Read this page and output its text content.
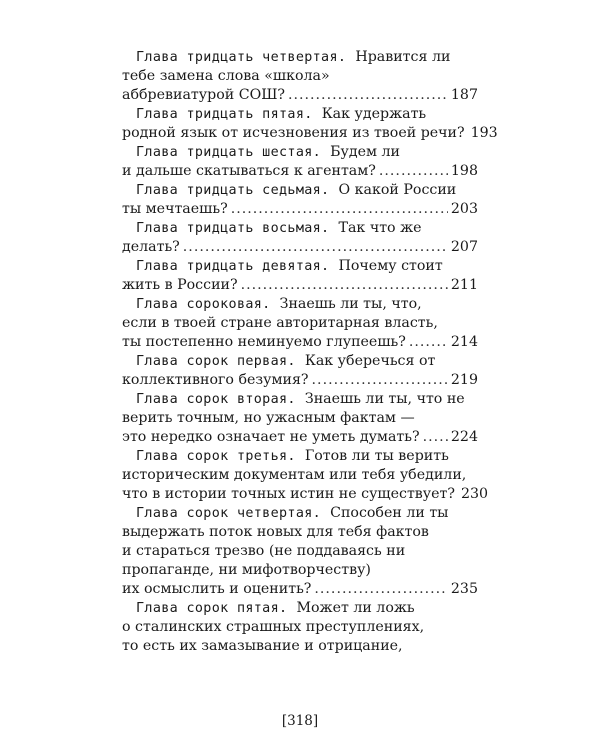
Глава тридцать четвертая.
Нравится ли
тебе замена слова «школа»
аббревиатурой СОШ? .....	187
Глава тридцать пятая.
Как удержать
родной язык от исчезновения из твоей речи? 193
Глава тридцать шестая.
Будем ли
и дальше скатываться к агентам? .....	198
Глава тридцать седьмая.
О какой России
ты мечтаешь? .....	203
Глава тридцать восьмая.
Так что же
делать? .....	207
Глава тридцать девятая.
Почему стоит
жить в России? .....	211
Глава сороковая.
Знаешь ли ты, что,
если в твоей стране авторитарная власть,
ты постепенно неминуемо глупеешь? .....	214
Глава сорок первая.
Как уберечься от
коллективного безумия? .....	219
Глава сорок вторая.
Знаешь ли ты, что не
верить точным, но ужасным фактам —
это нередко означает не уметь думать? ..... 224
Глава сорок третья.
Готов ли ты верить
историческим документам или тебя убедили,
что в истории точных истин не существует? 230
Глава сорок четвертая.
Способен ли ты
выдержать поток новых для тебя фактов
и стараться трезво (не поддаваясь ни
пропаганде, ни мифотворчеству)
их осмыслить и оценить? .....	235
Глава сорок пятая.
Может ли ложь
о сталинских страшных преступлениях,
то есть их замазывание и отрицание,
[318]
